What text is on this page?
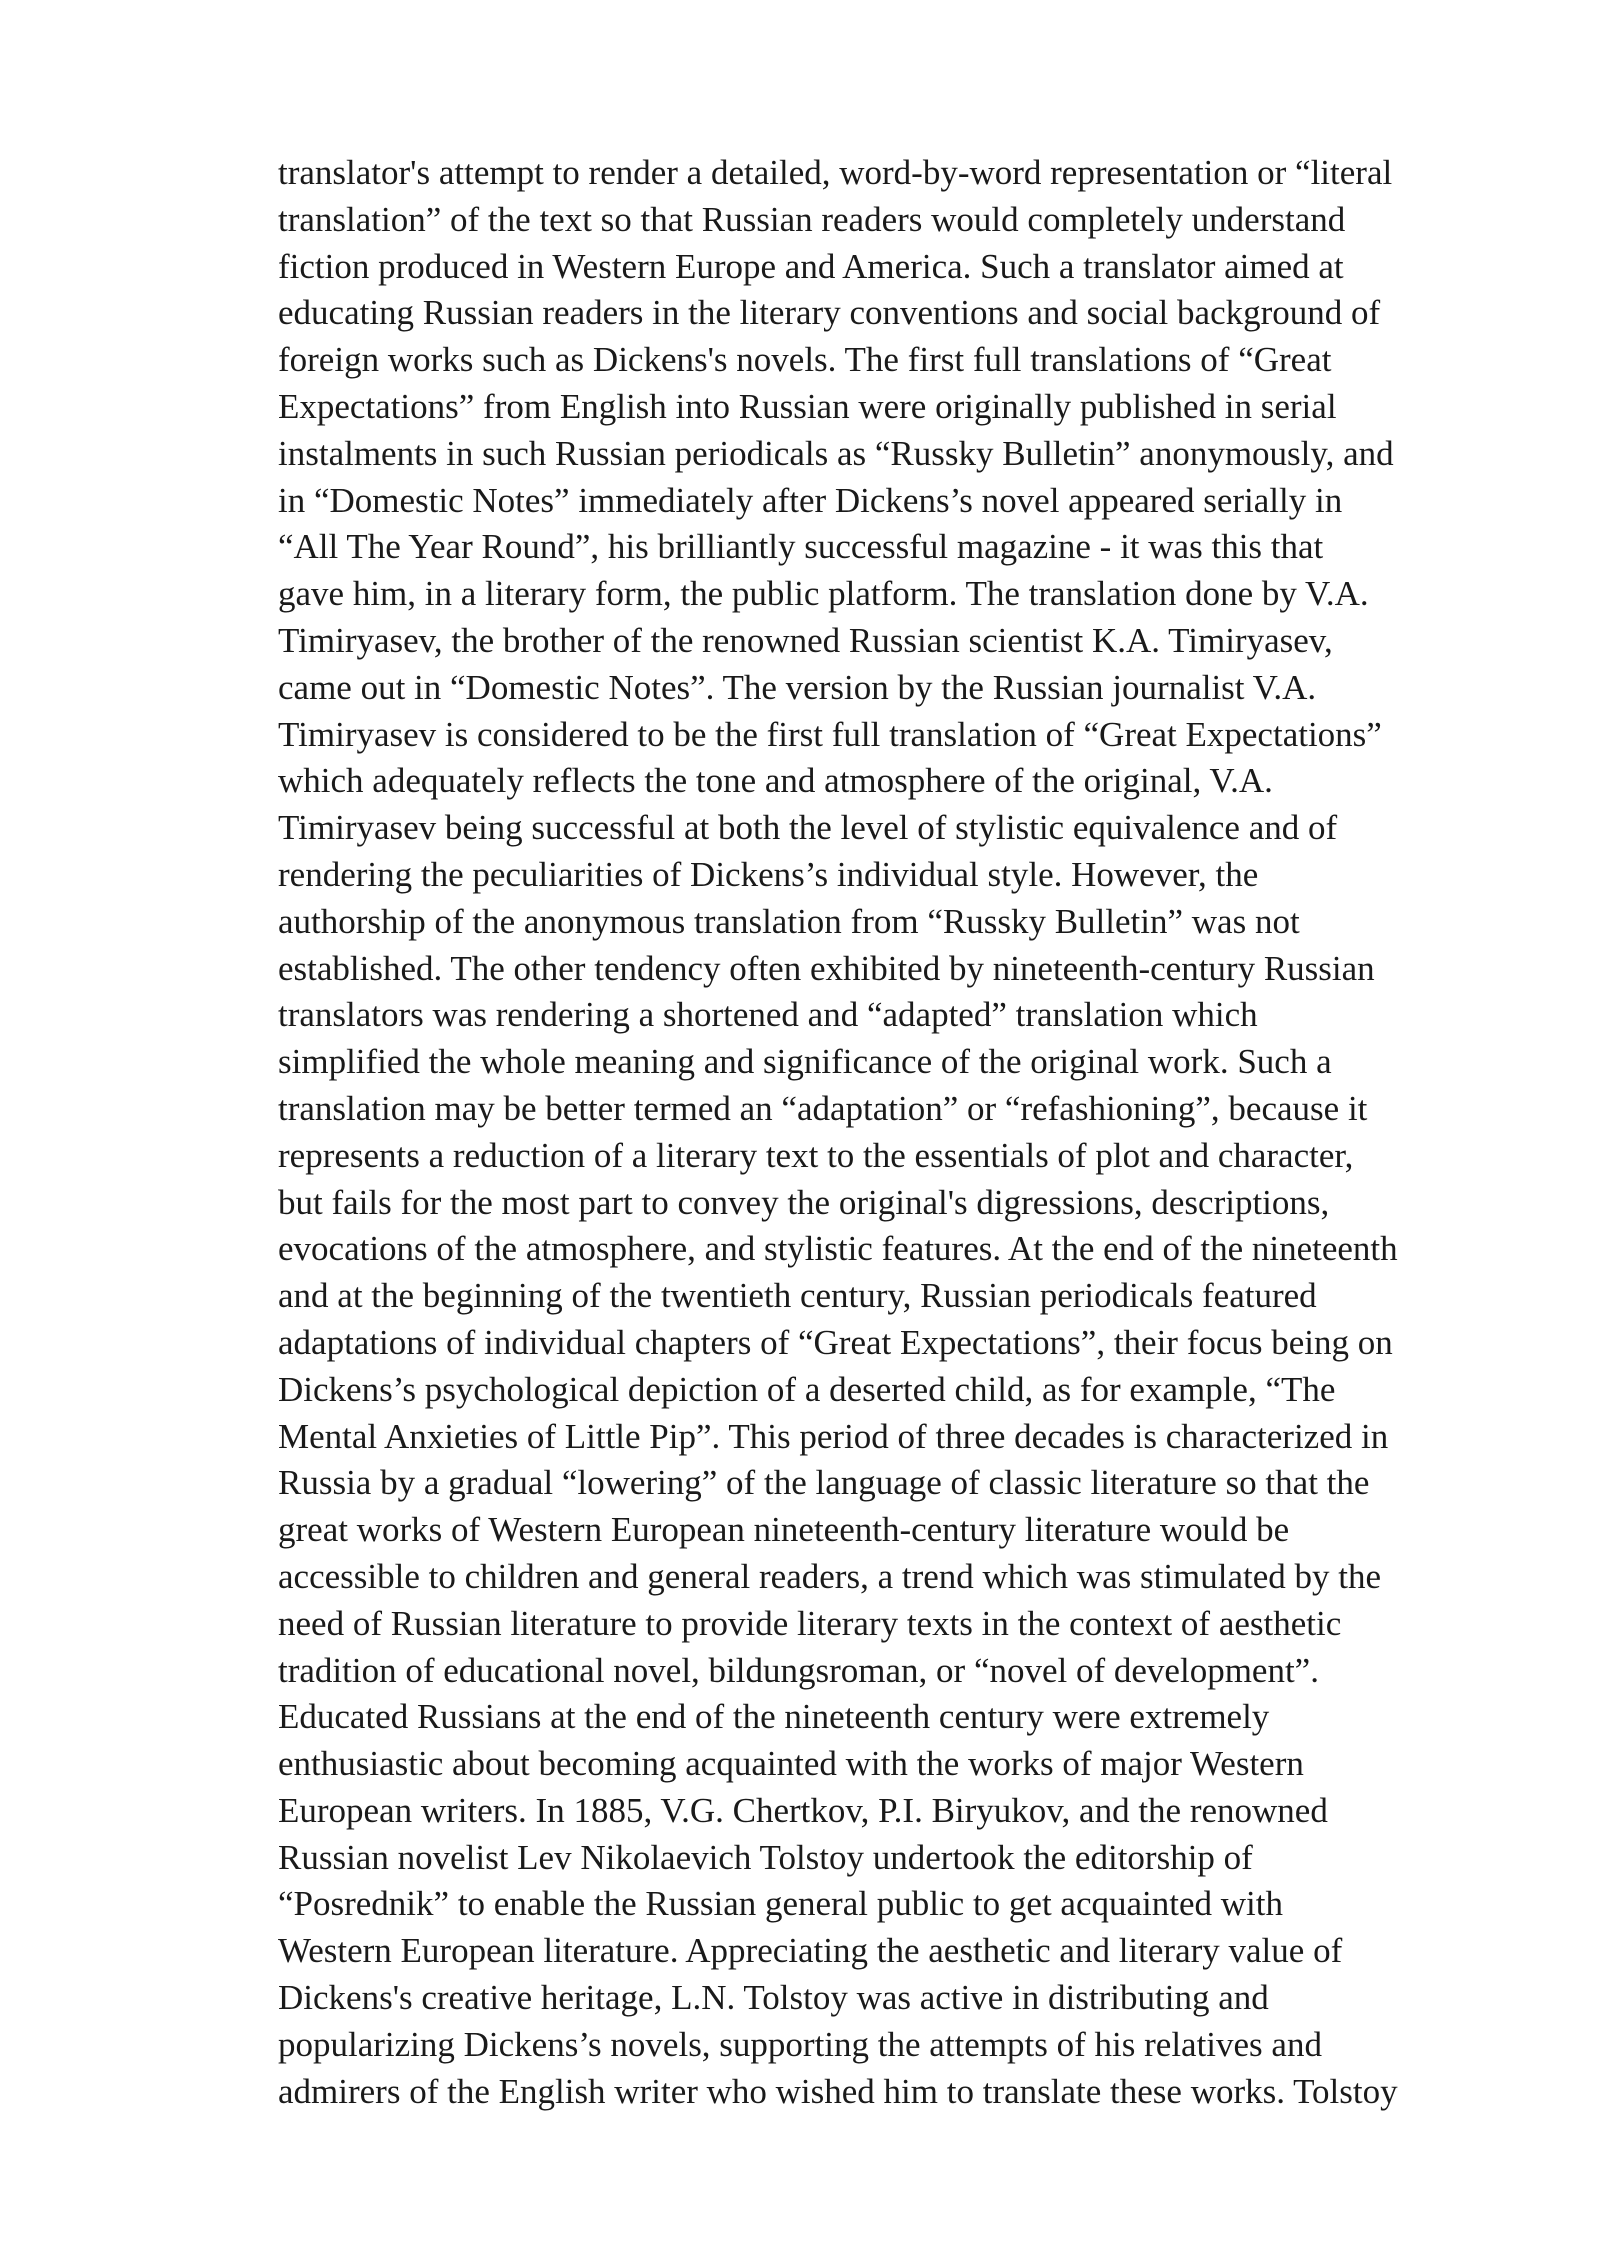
translator's attempt to render a detailed, word-by-word representation or “literal
translation” of the text so that Russian readers would completely understand
fiction produced in Western Europe and America. Such a translator aimed at
educating Russian readers in the literary conventions and social background of
foreign works such as Dickens's novels. The first full translations of “Great
Expectations” from English into Russian were originally published in serial
instalments in such Russian periodicals as “Russky Bulletin” anonymously, and
in “Domestic Notes” immediately after Dickens’s novel appeared serially in
“All The Year Round”, his brilliantly successful magazine - it was this that
gave him, in a literary form, the public platform. The translation done by V.A.
Timiryasev, the brother of the renowned Russian scientist K.A. Timiryasev,
came out in “Domestic Notes”. The version by the Russian journalist V.A.
Timiryasev is considered to be the first full translation of “Great Expectations”
which adequately reflects the tone and atmosphere of the original, V.A.
Timiryasev being successful at both the level of stylistic equivalence and of
rendering the peculiarities of Dickens’s individual style. However, the
authorship of the anonymous translation from “Russky Bulletin” was not
established. The other tendency often exhibited by nineteenth-century Russian
translators was rendering a shortened and “adapted” translation which
simplified the whole meaning and significance of the original work. Such a
translation may be better termed an “adaptation” or “refashioning”, because it
represents a reduction of a literary text to the essentials of plot and character,
but fails for the most part to convey the original's digressions, descriptions,
evocations of the atmosphere, and stylistic features. At the end of the nineteenth
and at the beginning of the twentieth century, Russian periodicals featured
adaptations of individual chapters of “Great Expectations”, their focus being on
Dickens’s psychological depiction of a deserted child, as for example, “The
Mental Anxieties of Little Pip”. This period of three decades is characterized in
Russia by a gradual “lowering” of the language of classic literature so that the
great works of Western European nineteenth-century literature would be
accessible to children and general readers, a trend which was stimulated by the
need of Russian literature to provide literary texts in the context of aesthetic
tradition of educational novel, bildungsroman, or “novel of development”.
Educated Russians at the end of the nineteenth century were extremely
enthusiastic about becoming acquainted with the works of major Western
European writers. In 1885, V.G. Chertkov, P.I. Biryukov, and the renowned
Russian novelist Lev Nikolaevich Tolstoy undertook the editorship of
“Posrednik” to enable the Russian general public to get acquainted with
Western European literature. Appreciating the aesthetic and literary value of
Dickens's creative heritage, L.N. Tolstoy was active in distributing and
popularizing Dickens’s novels, supporting the attempts of his relatives and
admirers of the English writer who wished him to translate these works. Tolstoy
